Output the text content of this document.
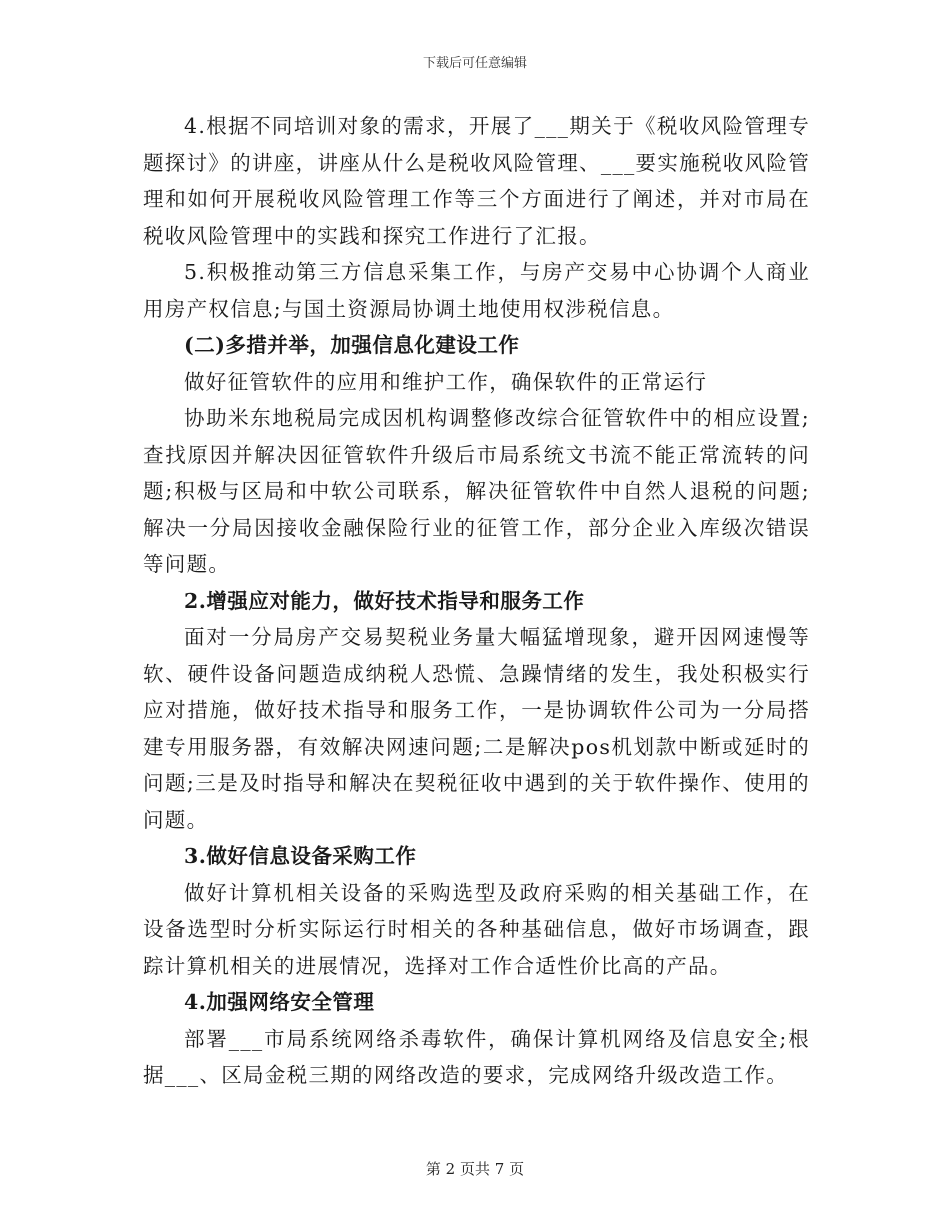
下载后可任意编辑

4.根据不同培训对象的需求，开展了___期关于《税收风险管理专题探讨》的讲座，讲座从什么是税收风险管理、___要实施税收风险管理和如何开展税收风险管理工作等三个方面进行了阐述，并对市局在税收风险管理中的实践和探究工作进行了汇报。

5.积极推动第三方信息采集工作，与房产交易中心协调个人商业用房产权信息;与国土资源局协调土地使用权涉税信息。

(二)多措并举，加强信息化建设工作

做好征管软件的应用和维护工作，确保软件的正常运行

协助米东地税局完成因机构调整修改综合征管软件中的相应设置;查找原因并解决因征管软件升级后市局系统文书流不能正常流转的问题;积极与区局和中软公司联系，解决征管软件中自然人退税的问题;解决一分局因接收金融保险行业的征管工作，部分企业入库级次错误等问题。

2.增强应对能力，做好技术指导和服务工作

面对一分局房产交易契税业务量大幅猛增现象，避开因网速慢等软、硬件设备问题造成纳税人恐慌、急躁情绪的发生，我处积极实行应对措施，做好技术指导和服务工作，一是协调软件公司为一分局搭建专用服务器，有效解决网速问题;二是解决pos机划款中断或延时的问题;三是及时指导和解决在契税征收中遇到的关于软件操作、使用的问题。

3.做好信息设备采购工作

做好计算机相关设备的采购选型及政府采购的相关基础工作，在设备选型时分析实际运行时相关的各种基础信息，做好市场调查，跟踪计算机相关的进展情况，选择对工作合适性价比高的产品。

4.加强网络安全管理

部署___市局系统网络杀毒软件，确保计算机网络及信息安全;根据___、区局金税三期的网络改造的要求，完成网络升级改造工作。

第 2 页共 7 页
